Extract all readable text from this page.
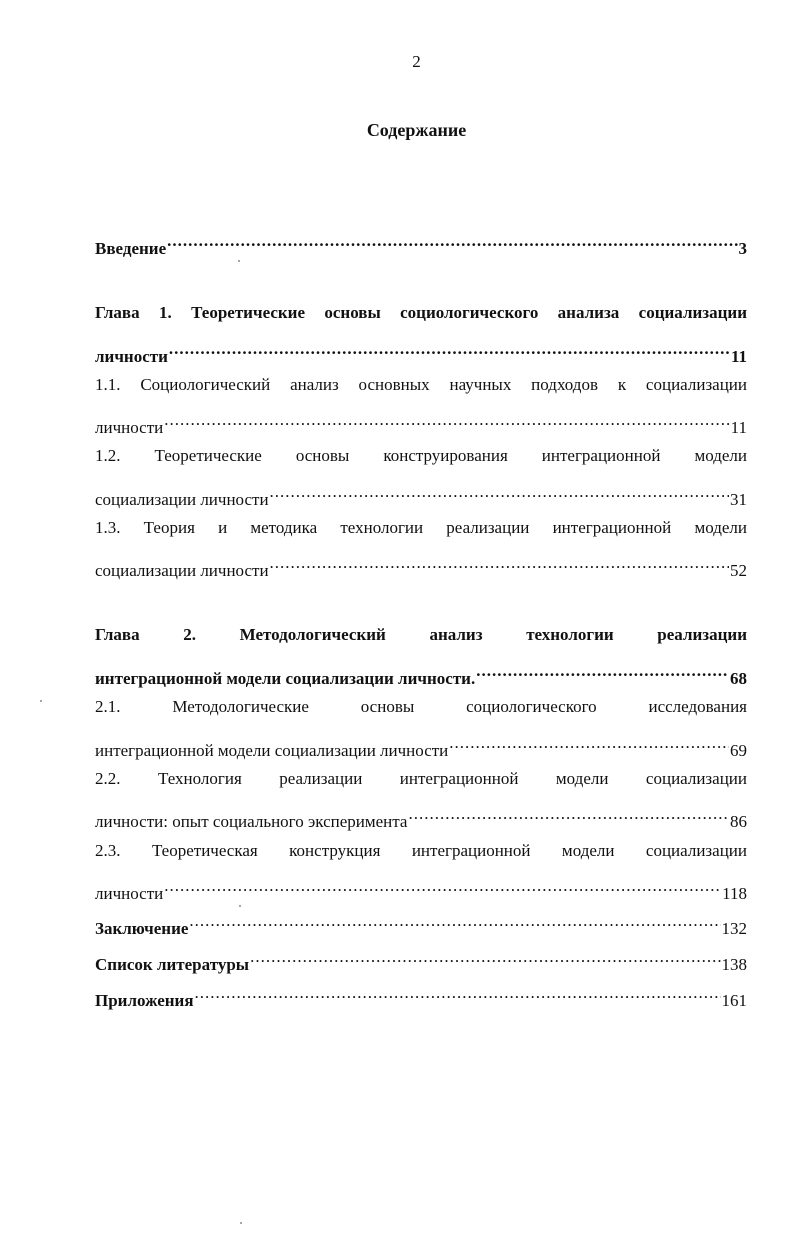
2
Содержание
Введение .....	3
Глава 1. Теоретические основы социологического анализа социализации
личности .....	11
1.1. Социологический анализ основных научных подходов к социализации
личности .....	11
1.2. Теоретические основы конструирования интеграционной модели
социализации личности .....	31
1.3. Теория и методика технологии реализации интеграционной модели
социализации личности .....	52
Глава 2. Методологический анализ технологии реализации
интеграционной модели социализации личности. .....	68
2.1. Методологические основы социологического исследования
интеграционной модели социализации личности .....	69
2.2. Технология реализации интеграционной модели социализации
личности: опыт социального эксперимента .....	86
2.3. Теоретическая конструкция интеграционной модели социализации
личности .....	118
Заключение .....	132
Список литературы .....	138
Приложения .....	161
